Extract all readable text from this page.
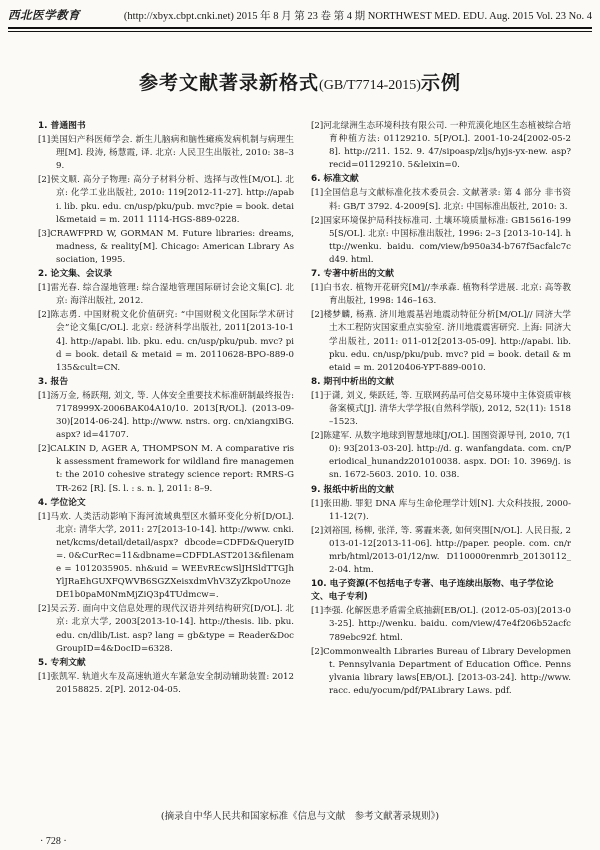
西北医学教育	(http://xbyx.cbpt.cnki.net) 2015 年 8 月 第 23 卷 第 4 期 NORTHWEST MED. EDU. Aug. 2015 Vol. 23 No. 4
参考文献著录新格式(GB/T7714-2015)示例
1. 普通图书
[1]美国妇产科医师学会. 新生儿脑病和脑性瘫痪发病机制与病理生理[M]. 段涛, 杨慧霞, 译. 北京: 人民卫生出版社, 2010: 38–39.
[2]侯文顺. 高分子物理: 高分子材料分析、选择与改性[M/OL]. 北京: 化学工业出版社, 2010: 119[2012-11-27]. http://apabi. lib. pku. edu. cn/usp/pku/pub. mvc?pie = book. detail&metaid = m. 2011 1114-HGS-889-0228.
[3]CRAWFPRD W, GORMAN M. Future libraries: dreams, madness, & reality[M]. Chicago: American Library Association, 1995.
2. 论文集、会议录
[1]雷光春. 综合湿地管理: 综合湿地管理国际研讨会论文集[C]. 北京: 海洋出版社, 2012.
[2]陈志勇. 中国财税文化价值研究: “中国财税文化国际学术研讨会”论文集[C/OL]. 北京: 经济科学出版社, 2011[2013-10-14]. http://apabi. lib. pku. edu. cn/usp/pku/pub. mvc? pid = book. detail & metaid = m. 20110628-BPO-889-0135&cult=CN.
3. 报告
[1]汤万金, 杨跃翔, 刘文, 等. 人体安全重要技术标准研制最终报告: 7178999X-2006BAK04A10/10. 2013[R/OL]. (2013-09-30)[2014-06-24]. http://www. nstrs. org. cn/xiangxiBG. aspx? id=41707.
[2]CALKIN D, AGER A, THOMPSON M. A comparative risk assessment framework for wildland fire management: the 2010 cohesive strategy science report: RMRS-GTR-262 [R]. [S. l. : s. n. ], 2011: 8–9.
4. 学位论文
[1]马欢. 人类活动影响下海河流域典型区水循环变化分析[D/OL]. 北京: 清华大学, 2011: 27[2013-10-14]. http://www. cnki. net/kcms/detail/detail/aspx? dbcode=CDFD&QueryID=. 0&CurRec=11&dbname=CDFDLAST2013&filename = 1012035905. nh&uid = WEEvREcwSlJHSldTTGJhYlJRaEhGUXFQWVB6SGZXeisxdmVhV3ZyZkpoUnozeDE1b0paM0NmMjZiQ3p4TUdmcw=.
[2]吴云芳. 面向中文信息处理的现代汉语并列结构研究[D/OL]. 北京: 北京大学, 2003[2013-10-14]. http://thesis. lib. pku. edu. cn/dlib/List. asp? lang = gb&type = Reader&DocGroupID=4&DocID=6328.
5. 专利文献
[1]张凯军. 轨道火车及高速轨道火车紧急安全制动辅助装置: 201220158825. 2[P]. 2012-04-05.
[2]河北绿洲生态环境科技有限公司. 一种荒漠化地区生态植被综合培育种植方法: 01129210. 5[P/OL]. 2001-10-24[2002-05-28]. http://211. 152. 9. 47/sipoasp/zljs/hyjs-yx-new. asp? recid=01129210. 5&leixin=0.
6. 标准文献
[1]全国信息与文献标准化技术委员会. 文献著录: 第 4 部分 非书资料: GB/T 3792. 4-2009[S]. 北京: 中国标准出版社, 2010: 3.
[2]国家环境保护局科技标准司. 土壤环境质量标准: GB15616-1995[S/OL]. 北京: 中国标准出版社, 1996: 2–3 [2013-10-14]. http://wenku. baidu. com/view/b950a34-b767f5acfalc7cd49. html.
7. 专著中析出的文献
[1]白书农. 植物开花研究[M]//李承森. 植物科学进展. 北京: 高等教育出版社, 1998: 146–163.
[2]楼梦麟, 杨燕. 济川地震基岩地震动特征分析[M/OL]// 同济大学土木工程防灾国家重点实验室. 济川地震震害研究. 上海: 同济大学出版社, 2011: 011-012[2013-05-09]. http://apabi. lib. pku. edu. cn/usp/pku/pub. mvc? pid = book. detail & metaid = m. 20120406-YPT-889-0010.
8. 期刊中析出的文献
[1]于潇, 刘义, 柴跃廷, 等. 互联网药品可信交易环境中主体资质审核备案模式[J]. 清华大学学报(自然科学版), 2012, 52(11): 1518–1523.
[2]陈建军. 从数字地球到智慧地球[J/OL]. 国图资源导刊, 2010, 7(10): 93[2013-03-20]. http://d. g. wanfangdata. com. cn/Periodical_hunandz201010038. aspx. DOI: 10. 3969/j. issn. 1672-5603. 2010. 10. 038.
9. 报纸中析出的文献
[1]张田勘. 罪犯 DNA 库与生命伦理学计划[N]. 大众科技报, 2000-11-12(7).
[2]刘裕国, 杨柳, 张洋, 等. 雾霾来袭, 如何突围[N/OL]. 人民日报, 2013-01-12[2013-11-06]. http://paper. people. com. cn/rmrb/html/2013-01/12/nw. D110000renmrb_20130112_2-04. htm.
10. 电子资源(不包括电子专著、电子连续出版物、电子学位论文、电子专利)
[1]李强. 化解医患矛盾需全底抽薪[EB/OL]. (2012-05-03)[2013-03-25]. http://wenku. baidu. com/view/47e4f206b52acfc789ebc92f. html.
[2]Commonwealth Libraries Bureau of Library Development. Pennsylvania Department of Education Office. Pennsylvania library laws[EB/OL]. [2013-03-24]. http://www. racc. edu/yocum/pdf/PALibrary Laws. pdf.
(摘录自中华人民共和国家标准《信息与文献　参考文献著录规则》)
· 728 ·
